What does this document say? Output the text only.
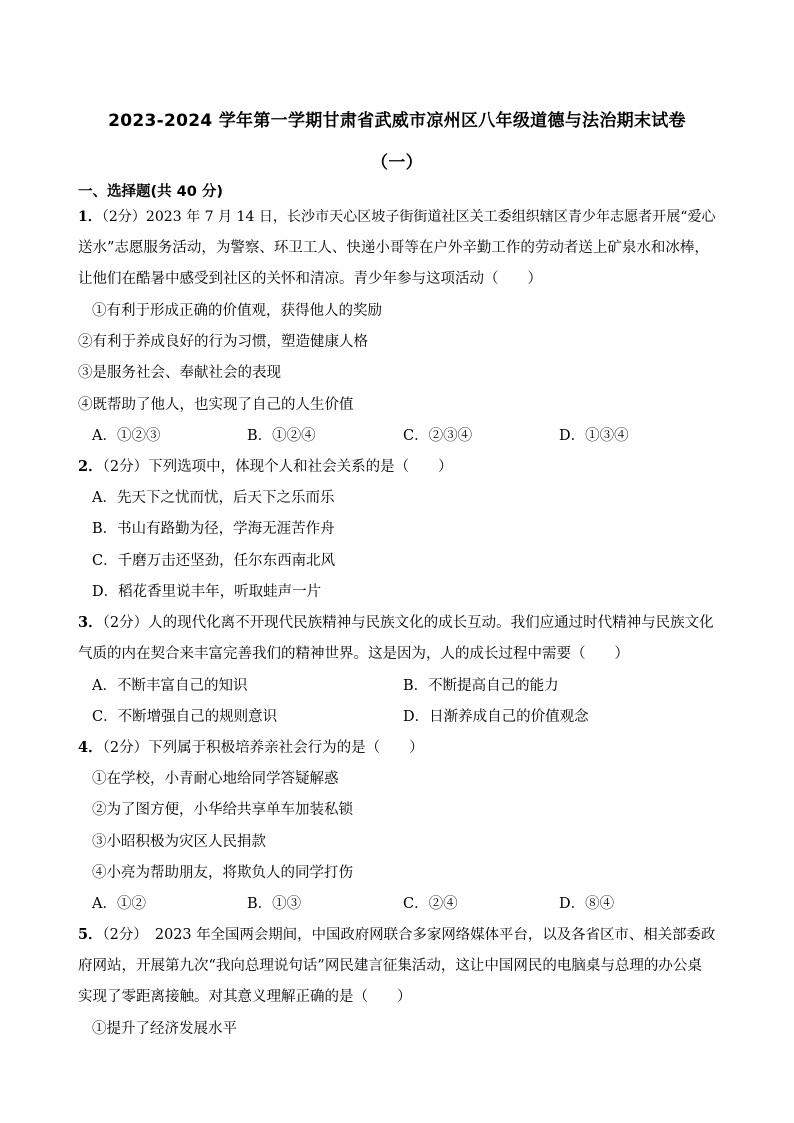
2023-2024 学年第一学期甘肃省武威市凉州区八年级道德与法治期末试卷
（一）
一、选择题(共 40 分)
1．（2分）2023 年 7 月 14 日，长沙市天心区坡子街街道社区关工委组织辖区青少年志愿者开展“爱心
送水”志愿服务活动，为警察、环卫工人、快递小哥等在户外辛勤工作的劳动者送上矿泉水和冰棒，
让他们在酷暑中感受到社区的关怀和清凉。青少年参与这项活动（　　）
①有利于形成正确的价值观，获得他人的奖励
②有利于养成良好的行为习惯，塑造健康人格
③是服务社会、奉献社会的表现
④既帮助了他人，也实现了自己的人生价值
A．①②③	B．①②④	C．②③④	D．①③④
2．（2分）下列选项中，体现个人和社会关系的是（　　）
A．先天下之忧而忧，后天下之乐而乐
B．书山有路勤为径，学海无涯苦作舟
C．千磨万击还坚劲，任尔东西南北风
D．稻花香里说丰年，听取蛙声一片
3．（2分）人的现代化离不开现代民族精神与民族文化的成长互动。我们应通过时代精神与民族文化
气质的内在契合来丰富完善我们的精神世界。这是因为，人的成长过程中需要（　　）
A．不断丰富自己的知识	B．不断提高自己的能力
C．不断增强自己的规则意识	D．日渐养成自己的价值观念
4．（2分）下列属于积极培养亲社会行为的是（　　）
①在学校，小青耐心地给同学答疑解惑
②为了图方便，小华给共享单车加装私锁
③小昭积极为灾区人民捐款
④小亮为帮助朋友，将欺负人的同学打伤
A．①②	B．①③	C．②④	D．⑧④
5．（2分）　2023 年全国两会期间，中国政府网联合多家网络媒体平台，以及各省区市、相关部委政
府网站，开展第九次“我向总理说句话”网民建言征集活动，这让中国网民的电脑桌与总理的办公桌
实现了零距离接触。对其意义理解正确的是（　　）
①提升了经济发展水平
